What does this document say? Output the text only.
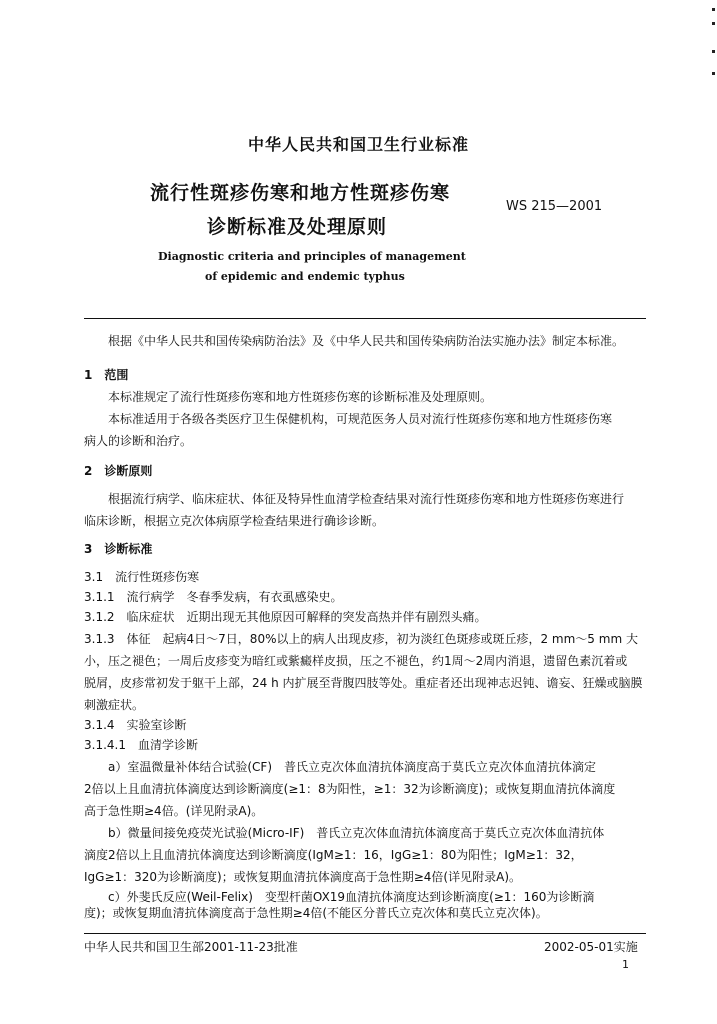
中华人民共和国卫生行业标准
流行性斑疹伤寒和地方性斑疹伤寒
诊断标准及处理原则
WS 215—2001
Diagnostic criteria and principles of management
of epidemic and endemic typhus
根据《中华人民共和国传染病防治法》及《中华人民共和国传染病防治法实施办法》制定本标准。
1　范围
本标准规定了流行性斑疹伤寒和地方性斑疹伤寒的诊断标准及处理原则。
本标准适用于各级各类医疗卫生保健机构，可规范医务人员对流行性斑疹伤寒和地方性斑疹伤寒
病人的诊断和治疗。
2　诊断原则
根据流行病学、临床症状、体征及特异性血清学检查结果对流行性斑疹伤寒和地方性斑疹伤寒进行
临床诊断，根据立克次体病原学检查结果进行确诊诊断。
3　诊断标准
3.1　流行性斑疹伤寒
3.1.1　流行病学　冬春季发病，有衣虱感染史。
3.1.2　临床症状　近期出现无其他原因可解释的突发高热并伴有剧烈头痛。
3.1.3　体征　起病4日～7日，80%以上的病人出现皮疹，初为淡红色斑疹或斑丘疹，2 mm～5 mm 大
小，压之褪色；一周后皮疹变为暗红或紫癜样皮损，压之不褪色，约1周～2周内消退，遗留色素沉着或
脱屑，皮疹常初发于躯干上部，24 h 内扩展至背腹四肢等处。重症者还出现神志迟钝、谵妄、狂燥或脑膜
刺激症状。
3.1.4　实验室诊断
3.1.4.1　血清学诊断
a）室温微量补体结合试验(CF)　普氏立克次体血清抗体滴度高于莫氏立克次体血清抗体滴定
2倍以上且血清抗体滴度达到诊断滴度(≥1：8为阳性，≥1：32为诊断滴度)；或恢复期血清抗体滴度
高于急性期≥4倍。(详见附录A)。
b）微量间接免疫荧光试验(Micro-IF)　普氏立克次体血清抗体滴度高于莫氏立克次体血清抗体
滴度2倍以上且血清抗体滴度达到诊断滴度(IgM≥1：16，IgG≥1：80为阳性；IgM≥1：32，
IgG≥1：320为诊断滴度)；或恢复期血清抗体滴度高于急性期≥4倍(详见附录A)。
c）外斐氏反应(Weil-Felix)　变型杆菌OX19血清抗体滴度达到诊断滴度(≥1：160为诊断滴
度)；或恢复期血清抗体滴度高于急性期≥4倍(不能区分普氏立克次体和莫氏立克次体)。
中华人民共和国卫生部2001-11-23批准	2002-05-01实施
1
